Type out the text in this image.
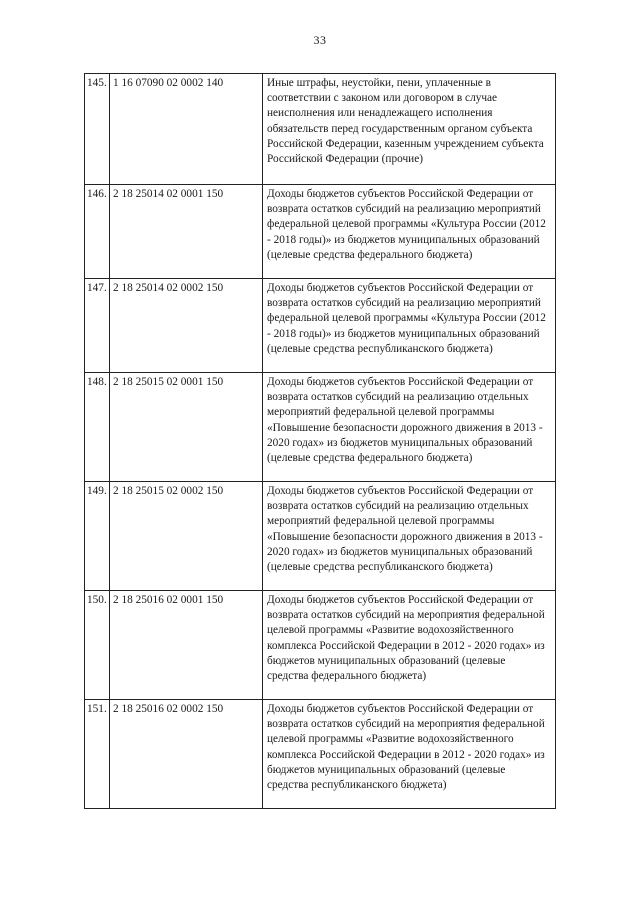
33
145.	1 16 07090 02 0002 140	Иные штрафы, неустойки, пени, уплаченные в соответствии с законом или договором в случае неисполнения или ненадлежащего исполнения обязательств перед государственным органом субъекта Российской Федерации, казенным учреждением субъекта Российской Федерации (прочие)
146.	2 18 25014 02 0001 150	Доходы бюджетов субъектов Российской Федерации от возврата остатков субсидий на реализацию мероприятий федеральной целевой программы «Культура России (2012 - 2018 годы)» из бюджетов муниципальных образований (целевые средства федерального бюджета)
147.	2 18 25014 02 0002 150	Доходы бюджетов субъектов Российской Федерации от возврата остатков субсидий на реализацию мероприятий федеральной целевой программы «Культура России (2012 - 2018 годы)» из бюджетов муниципальных образований (целевые средства республиканского бюджета)
148.	2 18 25015 02 0001 150	Доходы бюджетов субъектов Российской Федерации от возврата остатков субсидий на реализацию отдельных мероприятий федеральной целевой программы «Повышение безопасности дорожного движения в 2013 - 2020 годах» из бюджетов муниципальных образований (целевые средства федерального бюджета)
149.	2 18 25015 02 0002 150	Доходы бюджетов субъектов Российской Федерации от возврата остатков субсидий на реализацию отдельных мероприятий федеральной целевой программы «Повышение безопасности дорожного движения в 2013 - 2020 годах» из бюджетов муниципальных образований (целевые средства республиканского бюджета)
150.	2 18 25016 02 0001 150	Доходы бюджетов субъектов Российской Федерации от возврата остатков субсидий на мероприятия федеральной целевой программы «Развитие водохозяйственного комплекса Российской Федерации в 2012 - 2020 годах» из бюджетов муниципальных образований (целевые средства федерального бюджета)
151.	2 18 25016 02 0002 150	Доходы бюджетов субъектов Российской Федерации от возврата остатков субсидий на мероприятия федеральной целевой программы «Развитие водохозяйственного комплекса Российской Федерации в 2012 - 2020 годах» из бюджетов муниципальных образований (целевые средства республиканского бюджета)
